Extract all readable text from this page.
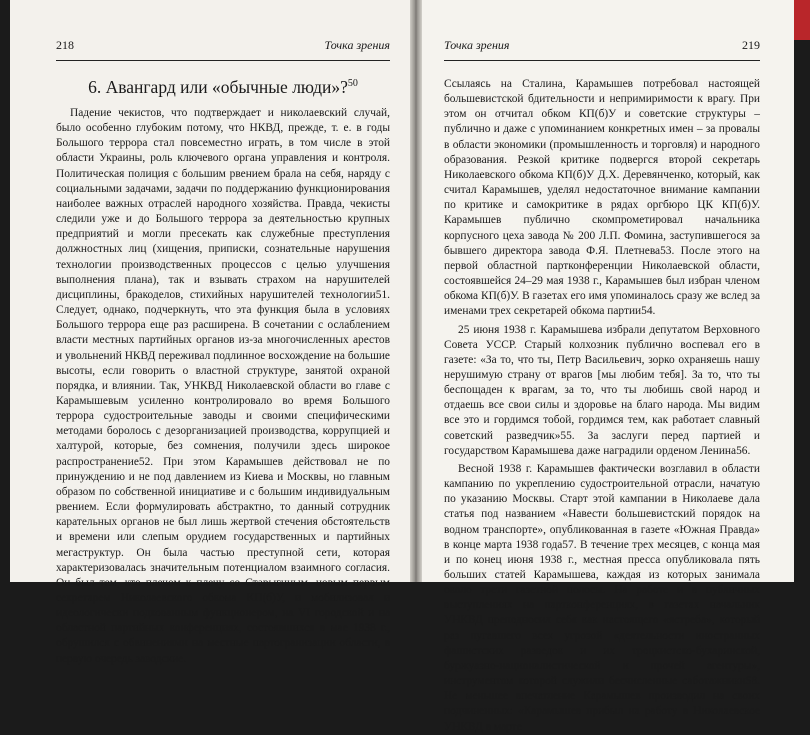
218	Точка зрения
6. Авангард или «обычные люди»?$^{50}$

Падение чекистов, что подтверждает и николаевский случай, было особенно глубоким потому, что НКВД, прежде, т. е. в годы Большого террора стал повсеместно играть, в том числе в этой области Украины, роль ключевого органа управления и контроля. Политическая полиция с большим рвением брала на себя, наряду с социальными задачами, задачи по поддержанию функционирования наиболее важных отраслей народного хозяйства. Правда, чекисты следили уже и до Большого террора за деятельностью крупных предприятий и могли пресекать как служебные преступления должностных лиц (хищения, приписки, сознательные нарушения технологии производственных процессов с целью улучшения выполнения плана), так и взывать страхом на нарушителей дисциплины, бракоделов, стихийных нарушителей технологии51. Следует, однако, подчеркнуть, что эта функция была в условиях Большого террора еще раз расширена. В сочетании с ослаблением власти местных партийных органов из-за многочисленных арестов и увольнений НКВД переживал подлинное восхождение на большие высоты, если говорить о властной структуре, занятой охраной порядка, и влиянии. Так, УНКВД Николаевской области во главе с Карамышевым усиленно контролировало во время Большого террора судостроительные заводы и своими специфическими методами боролось с дезорганизацией производства, коррупцией и халтурой, которые, без сомнения, получили здесь широкое распространение52. При этом Карамышев действовал не по принуждению и не под давлением из Киева и Москвы, но главным образом по собственной инициативе и с большим индивидуальным рвением. Если формулировать абстрактно, то данный сотрудник карательных органов не был лишь жертвой стечения обстоятельств и времени или слепым орудием государственных и партийных мегаструктур. Он была частью преступной сети, которая характеризовалась значительным потенциалом взаимного согласия. Он был тем, кто плечом к плечу со Старыгиным, новым первым секретарем Николаевского обкома КП(б)У, и мобилизовал и идеологически подкованным функционером, на VI городской и на областной партийных конференциях, состоявшихся в мае 1938 г., обрушился с обвинениями на местные партогранизации области, в первую очередь заводские.

Точка зрения	219

Ссылаясь на Сталина, Карамышев потребовал настоящей большевистской бдительности и непримиримости к врагу. При этом он отчитал обком КП(б)У и советские структуры – публично и даже с упоминанием конкретных имен – за провалы в области экономики (промышленность и торговля) и народного образования. Резкой критике подвергся второй секретарь Николаевского обкома КП(б)У Д.Х. Деревянченко, который, как считал Карамышев, уделял недостаточное внимание кампании по критике и самокритике в рядах оргбюро ЦК КП(б)У. Карамышев публично скомпрометировал начальника корпусного цеха завода № 200 Л.П. Фомина, заступившегося за бывшего директора завода Ф.Я. Плетнева53. После этого на первой областной партконференции Николаевской области, состоявшейся 24–29 мая 1938 г., Карамышев был избран членом обкома КП(б)У. В газетах его имя упоминалось сразу же вслед за именами трех секретарей обкома партии54.

25 июня 1938 г. Карамышева избрали депутатом Верховного Совета УССР. Старый колхозник публично воспевал его в газете: «За то, что ты, Петр Васильевич, зорко охраняешь нашу нерушимую страну от врагов [мы любим тебя]. За то, что ты беспощаден к врагам, за то, что ты любишь свой народ и отдаешь все свои силы и здоровье на благо народа. Мы видим все это и гордимся тобой, гордимся тем, как работает славный советский разведчик»55. За заслуги перед партией и государством Карамышева даже наградили орденом Ленина56.

Весной 1938 г. Карамышев фактически возглавил в области кампанию по укреплению судостроительной отрасли, начатую по указанию Москвы. Старт этой кампании в Николаеве дала статья под названием «Навести большевистский порядок на водном транспорте», опубликованная в газете «Южная Правда» в конце марта 1938 года57. В течение трех месяцев, с конца мая и по конец июня 1938 г., местная пресса опубликовала пять больших статей Карамышева, каждая из которых занимала около трети газетной полосы. На работе и в публичных выступлениях на партконференциях, в газетах начальник УНКВД преподносил себя как настоящего «ястреба», который раз пугавшего всех угрозой «деятельности иностранных фашистских разведок и их троцкистско-бухаринской, буржуазно-националистической и прочей агентуры», инструментом которой служили бесчисленные саботажники58. Не меньшее впечатление Карамышев производил на своих подчиненных: «Карамышев прибыл на работу в Николаевское УНКВД в марте
